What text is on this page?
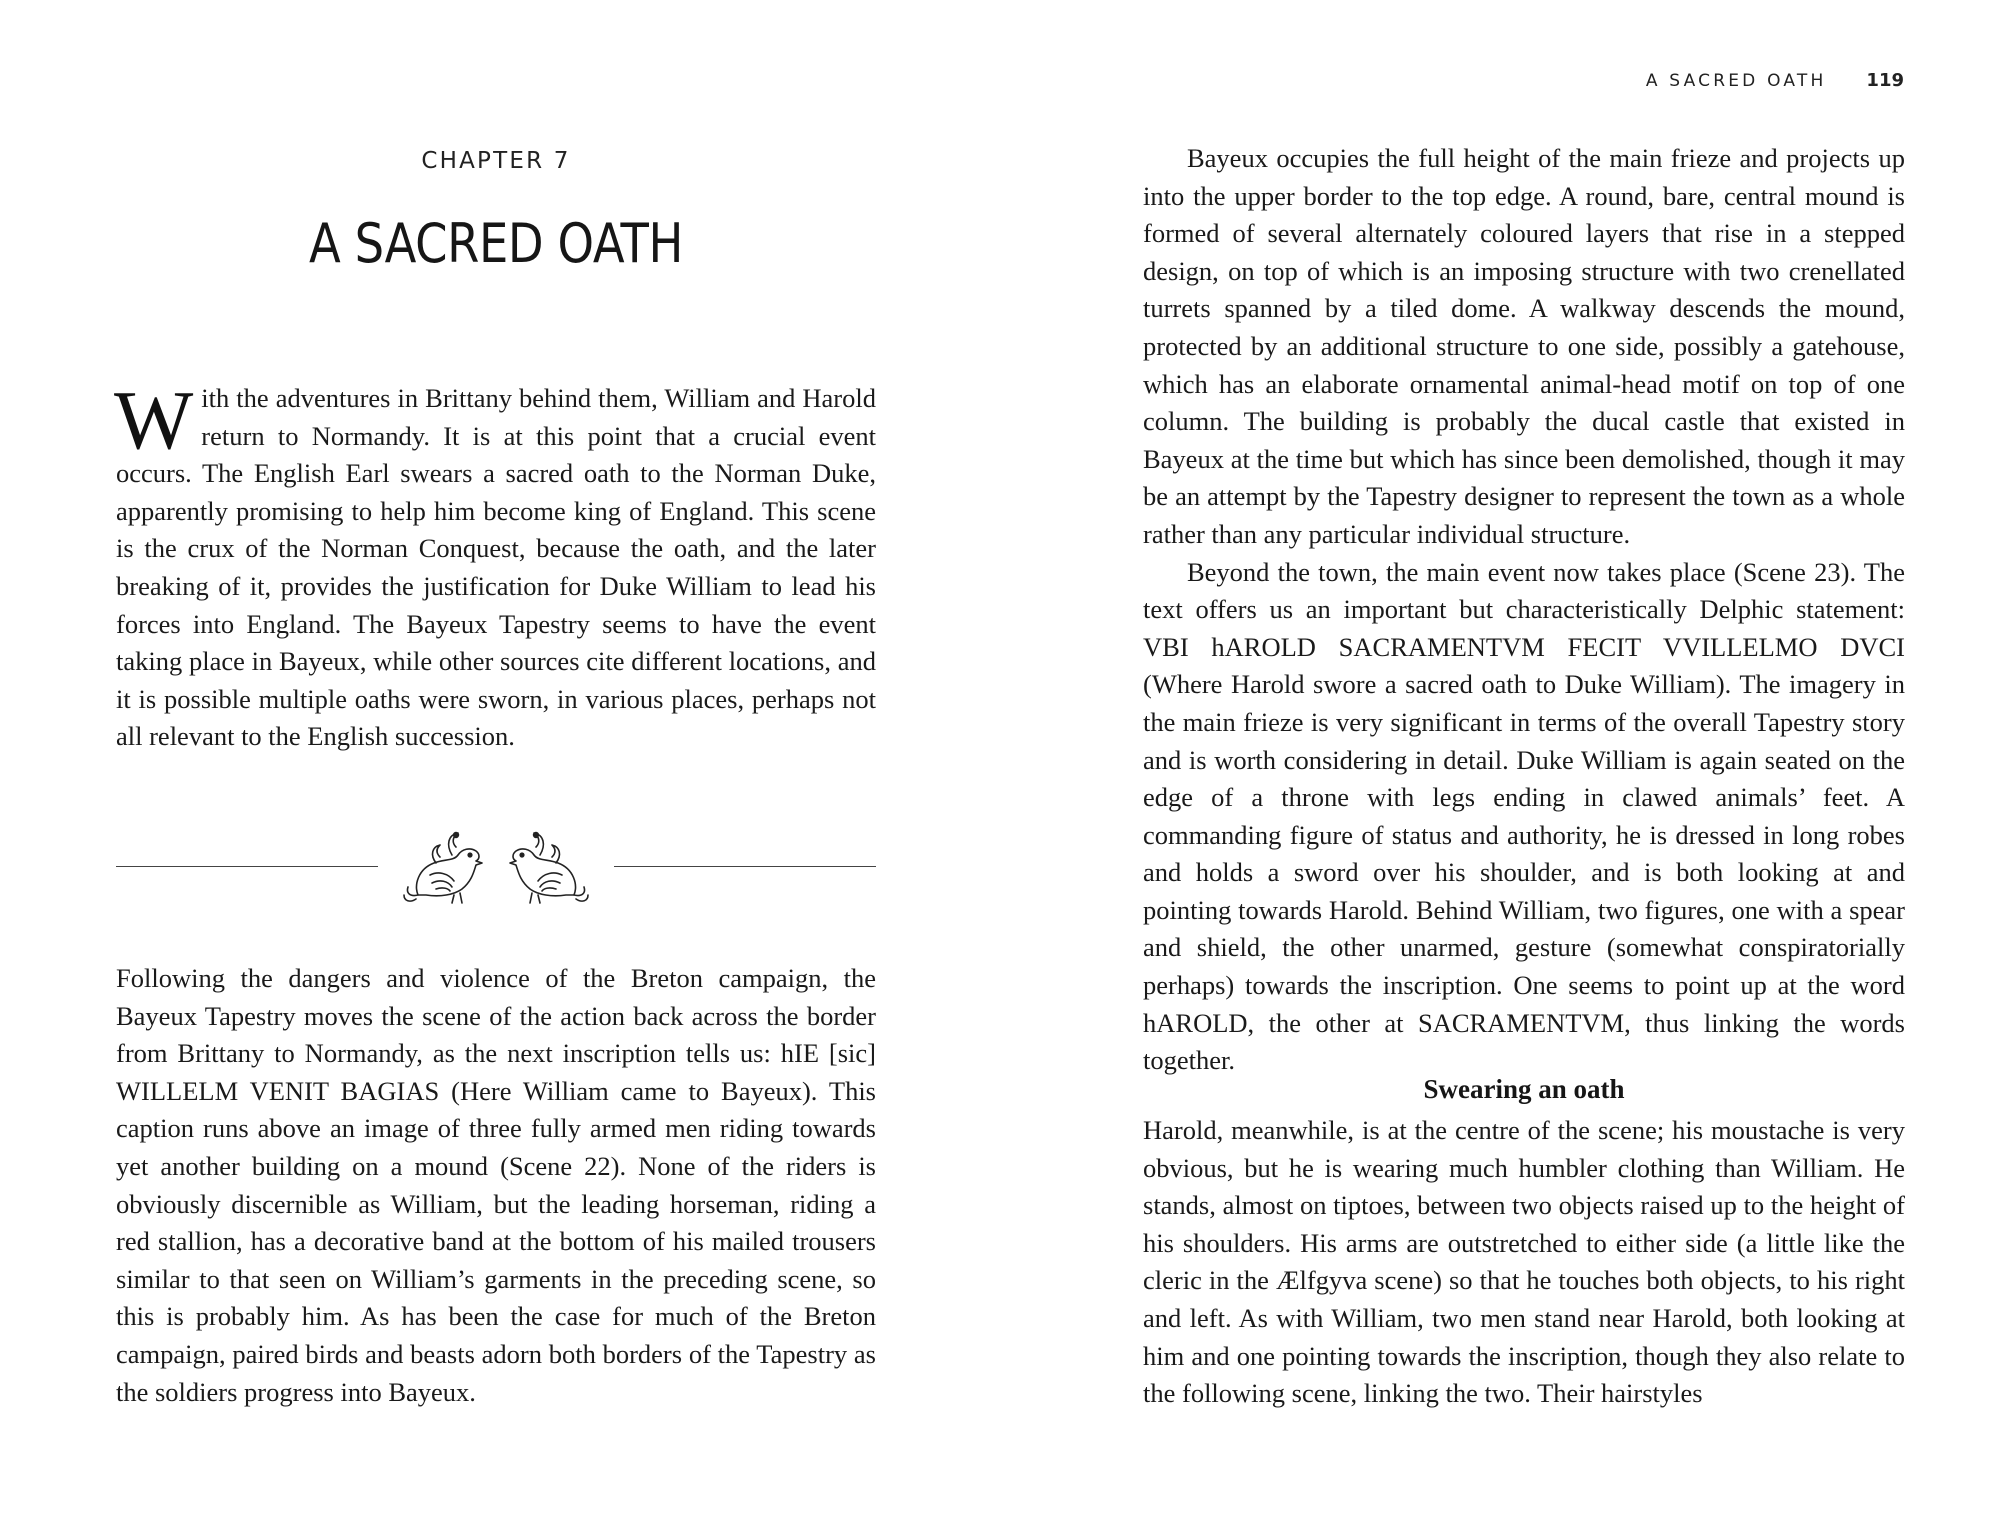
CHAPTER 7
A SACRED OATH

With the adventures in Brittany behind them, William and Harold return to Normandy. It is at this point that a crucial event occurs. The English Earl swears a sacred oath to the Norman Duke, apparently promising to help him become king of England. This scene is the crux of the Norman Conquest, because the oath, and the later breaking of it, provides the justification for Duke William to lead his forces into England. The Bayeux Tapestry seems to have the event taking place in Bayeux, while other sources cite different locations, and it is possible multiple oaths were sworn, in various places, perhaps not all relevant to the English succession.

Following the dangers and violence of the Breton campaign, the Bayeux Tapestry moves the scene of the action back across the border from Brittany to Normandy, as the next inscription tells us: hIE [sic] WILLELM VENIT BAGIAS (Here William came to Bayeux). This caption runs above an image of three fully armed men riding towards yet another building on a mound (Scene 22). None of the riders is obviously discernible as William, but the leading horseman, riding a red stallion, has a decorative band at the bottom of his mailed trousers similar to that seen on William’s garments in the preceding scene, so this is probably him. As has been the case for much of the Breton campaign, paired birds and beasts adorn both borders of the Tapestry as the soldiers progress into Bayeux.

A SACRED OATH 119

Bayeux occupies the full height of the main frieze and projects up into the upper border to the top edge. A round, bare, central mound is formed of several alternately coloured layers that rise in a stepped design, on top of which is an imposing structure with two crenellated turrets spanned by a tiled dome. A walkway descends the mound, protected by an additional structure to one side, possibly a gatehouse, which has an elaborate ornamental animal-head motif on top of one column. The building is probably the ducal castle that existed in Bayeux at the time but which has since been demolished, though it may be an attempt by the Tapestry designer to represent the town as a whole rather than any particular individual structure.

Beyond the town, the main event now takes place (Scene 23). The text offers us an important but characteristically Delphic statement: VBI hAROLD SACRAMENTVM FECIT VVILLELMO DVCI (Where Harold swore a sacred oath to Duke William). The imagery in the main frieze is very significant in terms of the overall Tapestry story and is worth considering in detail. Duke William is again seated on the edge of a throne with legs ending in clawed animals’ feet. A commanding figure of status and authority, he is dressed in long robes and holds a sword over his shoulder, and is both looking at and pointing towards Harold. Behind William, two figures, one with a spear and shield, the other unarmed, gesture (somewhat conspiratorially perhaps) towards the inscription. One seems to point up at the word hAROLD, the other at SACRAMENTVM, thus linking the words together.

Swearing an oath

Harold, meanwhile, is at the centre of the scene; his moustache is very obvious, but he is wearing much humbler clothing than William. He stands, almost on tiptoes, between two objects raised up to the height of his shoulders. His arms are outstretched to either side (a little like the cleric in the Ælfgyva scene) so that he touches both objects, to his right and left. As with William, two men stand near Harold, both looking at him and one pointing towards the inscription, though they also relate to the following scene, linking the two. Their hairstyles
